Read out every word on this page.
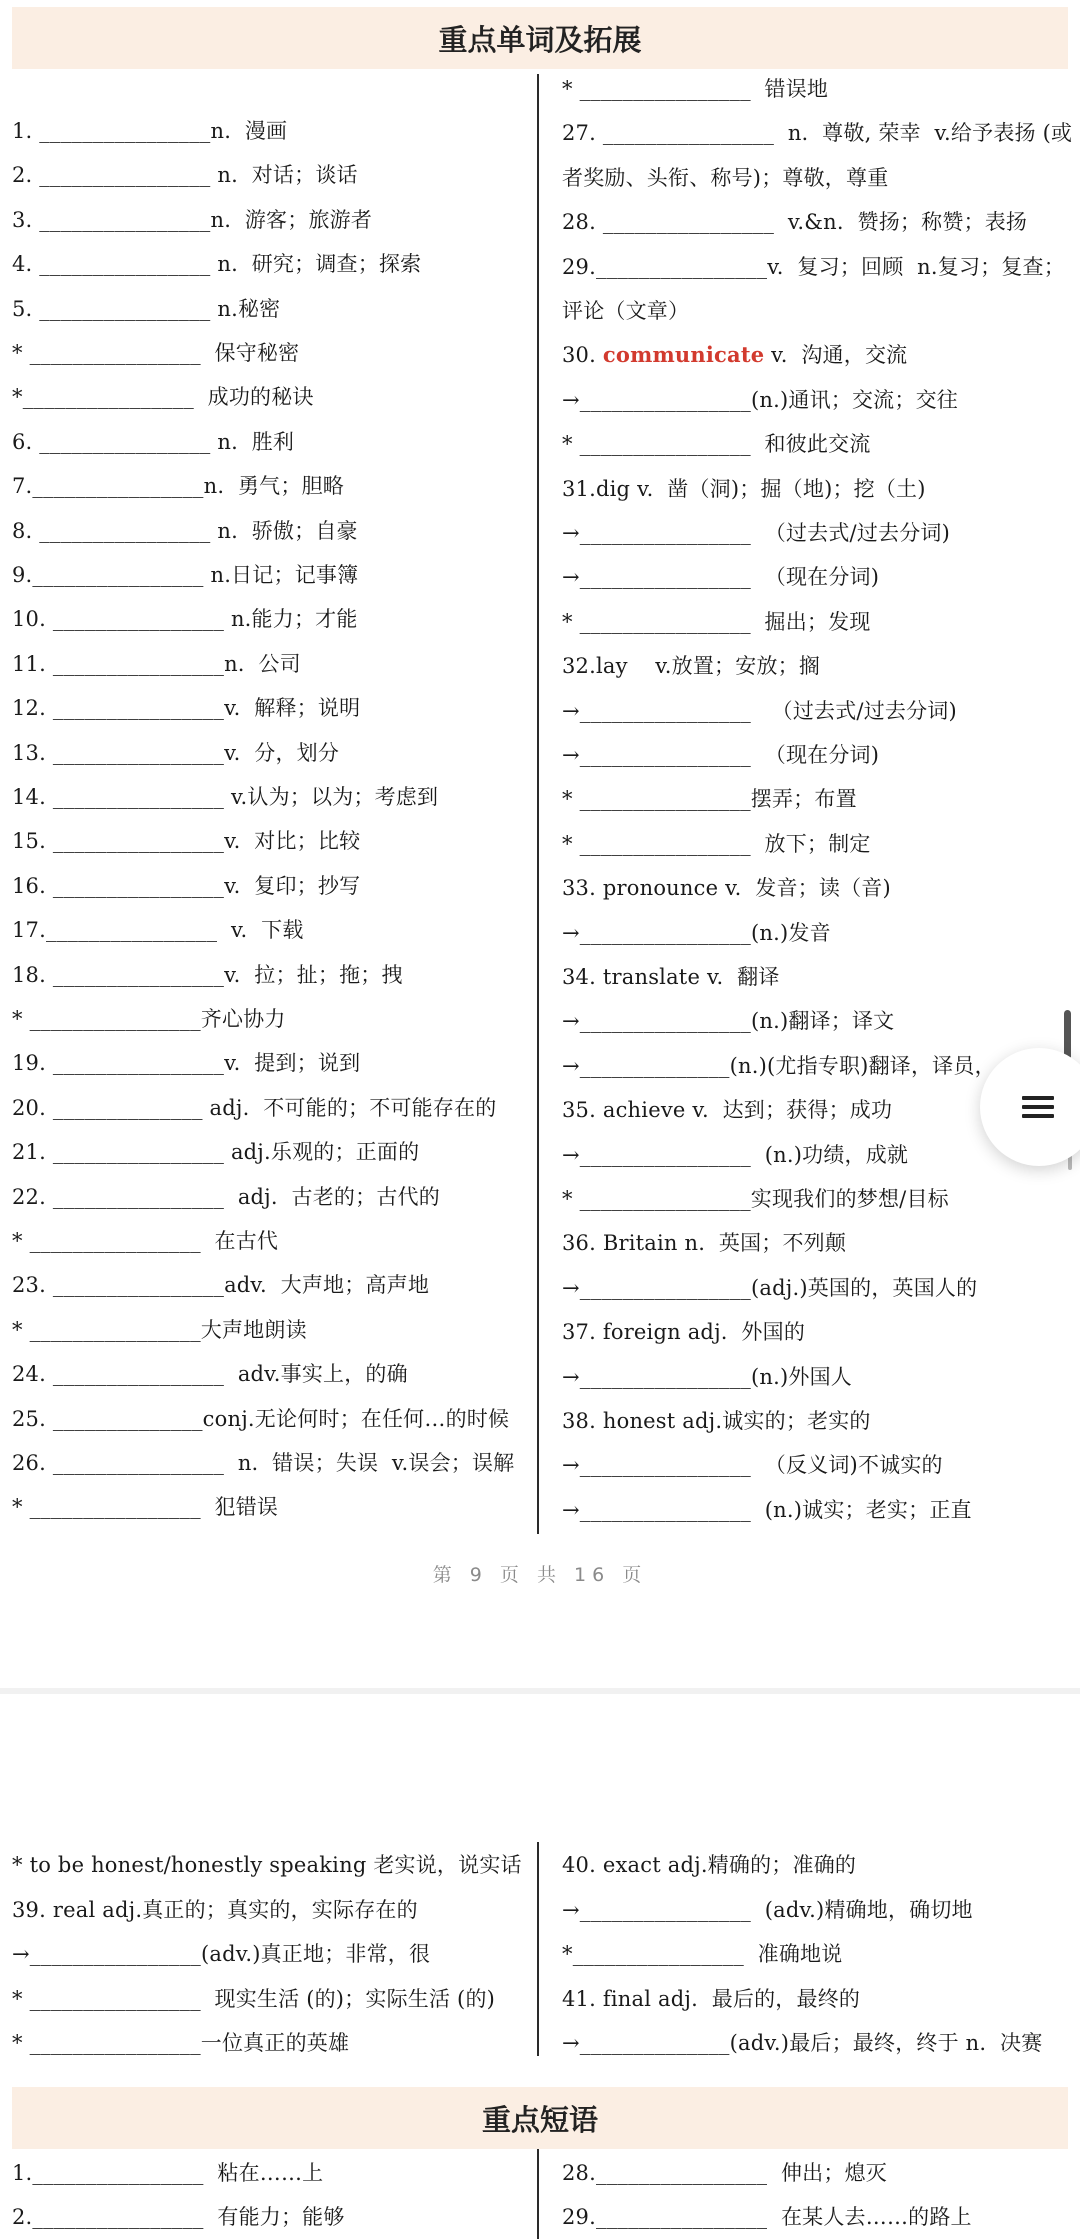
重点单词及拓展
1. ________________n.  漫画
2. ________________ n.  对话；谈话
3. ________________n.  游客；旅游者
4. ________________ n.  研究；调查；探索
5. ________________ n.秘密
* ________________  保守秘密
*________________  成功的秘诀
6. ________________ n.  胜利
7.________________n.  勇气；胆略
8. ________________ n.  骄傲；自豪
9.________________ n.日记；记事簿
10. ________________ n.能力；才能
11. ________________n.  公司
12. ________________v.  解释；说明
13. ________________v.  分，划分
14. ________________ v.认为；以为；考虑到
15. ________________v.  对比；比较
16. ________________v.  复印；抄写
17.________________  v.  下载
18. ________________v.  拉；扯；拖；拽
* ________________齐心协力
19. ________________v.  提到；说到
20. ______________ adj.  不可能的；不可能存在的
21. ________________ adj.乐观的；正面的
22. ________________  adj.  古老的；古代的
* ________________  在古代
23. ________________adv.  大声地；高声地
* ________________大声地朗读
24. ________________  adv.事实上，的确
25. ______________conj.无论何时；在任何…的时候
26. ________________  n.  错误；失误  v.误会；误解
* ________________  犯错误
* ________________  错误地
27. ________________  n.  尊敬, 荣幸  v.给予表扬 (或
者奖励、头衔、称号)；尊敬，尊重
28. ________________  v.&n.  赞扬；称赞；表扬
29.________________v.  复习；回顾  n.复习；复查；
评论（文章）
30. communicate v.  沟通，交流
→________________(n.)通讯；交流；交往
* ________________  和彼此交流
31.dig v.  凿（洞)；掘（地)；挖（土)
→________________  （过去式/过去分词)
→________________  （现在分词)
* ________________  掘出；发现
32.lay    v.放置；安放；搁
→________________   （过去式/过去分词)
→________________  （现在分词)
* ________________摆弄；布置
* ________________  放下；制定
33. pronounce v.  发音；读（音)
→________________(n.)发音
34. translate v.  翻译
→________________(n.)翻译；译文
→______________(n.)(尤指专职)翻译，译员，
35. achieve v.  达到；获得；成功
→________________  (n.)功绩，成就
* ________________实现我们的梦想/目标
36. Britain n.  英国；不列颠
→________________(adj.)英国的，英国人的
37. foreign adj.  外国的
→________________(n.)外国人
38. honest adj.诚实的；老实的
→________________  （反义词)不诚实的
→________________  (n.)诚实；老实；正直
第 9 页 共 16 页
* to be honest/honestly speaking 老实说，说实话
39. real adj.真正的；真实的，实际存在的
→________________(adv.)真正地；非常，很
* ________________  现实生活 (的)；实际生活 (的)
* ________________一位真正的英雄
40. exact adj.精确的；准确的
→________________  (adv.)精确地，确切地
*________________  准确地说
41. final adj.  最后的，最终的
→______________(adv.)最后；最终，终于 n.  决赛
重点短语
1.________________  粘在……上
2.________________  有能力；能够
28.________________  伸出；熄灭
29.________________  在某人去……的路上
